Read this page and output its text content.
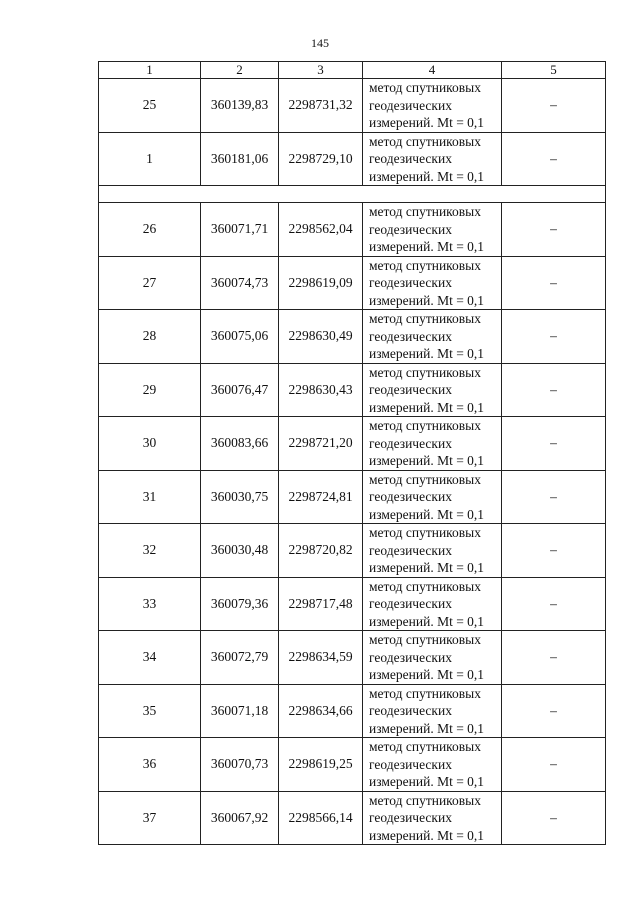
145
1	2	3	4	5
25	360139,83	2298731,32	метод спутниковых
геодезических
измерений. Mt = 0,1	–
1	360181,06	2298729,10	метод спутниковых
геодезических
измерений. Mt = 0,1	–

26	360071,71	2298562,04	метод спутниковых
геодезических
измерений. Mt = 0,1	–
27	360074,73	2298619,09	метод спутниковых
геодезических
измерений. Mt = 0,1	–
28	360075,06	2298630,49	метод спутниковых
геодезических
измерений. Mt = 0,1	–
29	360076,47	2298630,43	метод спутниковых
геодезических
измерений. Mt = 0,1	–
30	360083,66	2298721,20	метод спутниковых
геодезических
измерений. Mt = 0,1	–
31	360030,75	2298724,81	метод спутниковых
геодезических
измерений. Mt = 0,1	–
32	360030,48	2298720,82	метод спутниковых
геодезических
измерений. Mt = 0,1	–
33	360079,36	2298717,48	метод спутниковых
геодезических
измерений. Mt = 0,1	–
34	360072,79	2298634,59	метод спутниковых
геодезических
измерений. Mt = 0,1	–
35	360071,18	2298634,66	метод спутниковых
геодезических
измерений. Mt = 0,1	–
36	360070,73	2298619,25	метод спутниковых
геодезических
измерений. Mt = 0,1	–
37	360067,92	2298566,14	метод спутниковых
геодезических
измерений. Mt = 0,1	–
